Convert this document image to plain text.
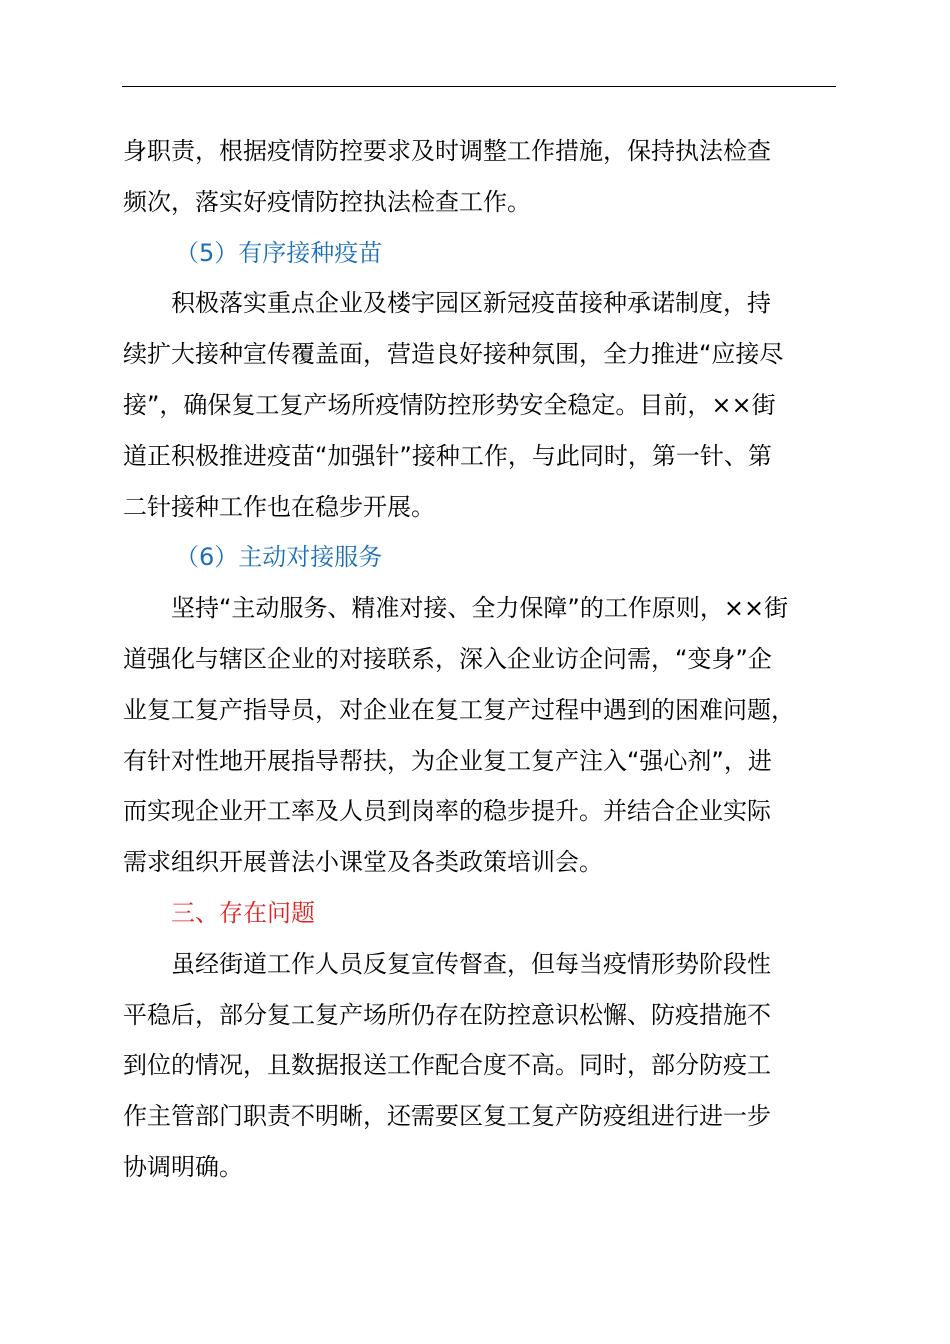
身职责，根据疫情防控要求及时调整工作措施，保持执法检查
频次，落实好疫情防控执法检查工作。
（5）有序接种疫苗
积极落实重点企业及楼宇园区新冠疫苗接种承诺制度，持
续扩大接种宣传覆盖面，营造良好接种氛围，全力推进“应接尽
接”，确保复工复产场所疫情防控形势安全稳定。目前，××街
道正积极推进疫苗“加强针”接种工作，与此同时，第一针、第
二针接种工作也在稳步开展。
（6）主动对接服务
坚持“主动服务、精准对接、全力保障”的工作原则，××街
道强化与辖区企业的对接联系，深入企业访企问需，“变身”企
业复工复产指导员，对企业在复工复产过程中遇到的困难问题，
有针对性地开展指导帮扶，为企业复工复产注入“强心剂”，进
而实现企业开工率及人员到岗率的稳步提升。并结合企业实际
需求组织开展普法小课堂及各类政策培训会。
三、存在问题
虽经街道工作人员反复宣传督查，但每当疫情形势阶段性
平稳后，部分复工复产场所仍存在防控意识松懈、防疫措施不
到位的情况，且数据报送工作配合度不高。同时，部分防疫工
作主管部门职责不明晰，还需要区复工复产防疫组进行进一步
协调明确。
